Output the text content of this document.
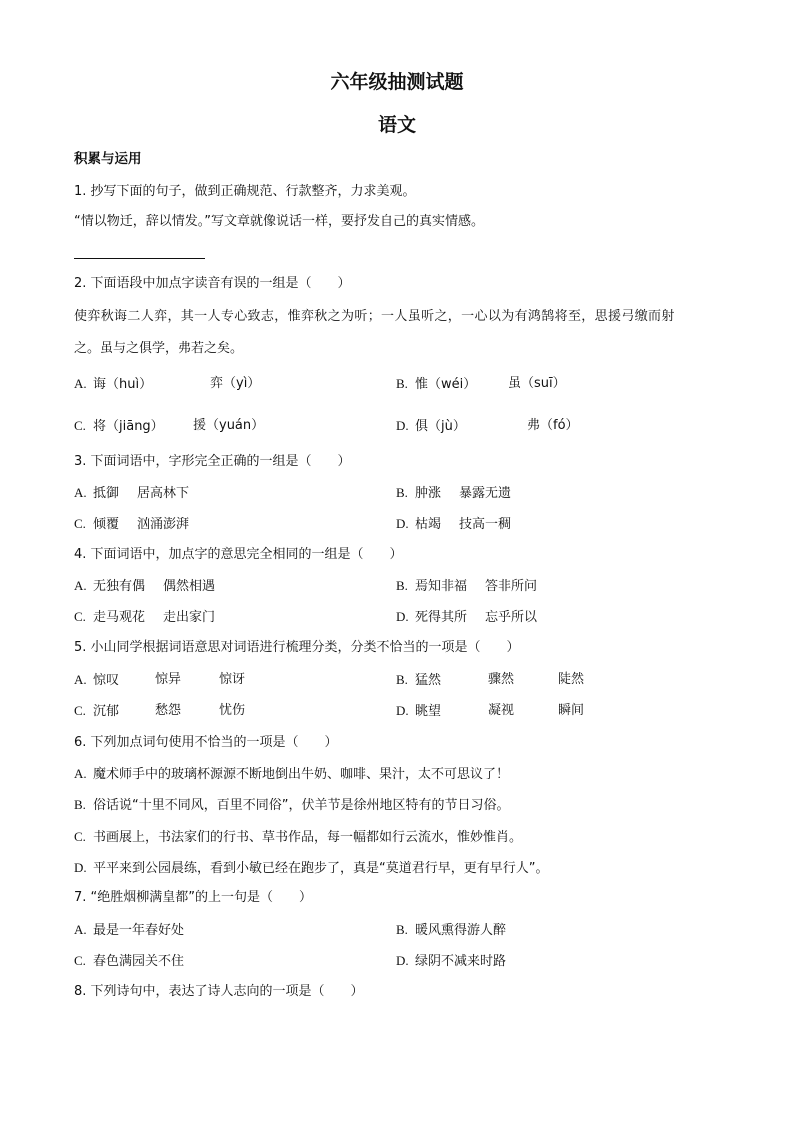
六年级抽测试题
语文
积累与运用
1. 抄写下面的句子，做到正确规范、行款整齐，力求美观。
“情以物迁，辞以情发。”写文章就像说话一样，要抒发自己的真实情感。
2. 下面语段中加点字读音有误的一组是（　　）
使弈秋诲二人弈，其一人专心致志，惟弈秋之为听；一人虽听之，一心以为有鸿鹄将至，思援弓缴而射
之。虽与之俱学，弗若之矣。
A. 诲（huì）	弈（yì）	B. 惟（wéi） 虽（suī）
C. 将（jiāng） 援（yuán）	D. 俱（jù）	弗（fó）
3. 下面词语中，字形完全正确的一组是（　　）
A. 抵御 居高林下	B. 肿涨 暴露无遗
C. 倾覆 汹涌澎湃	D. 枯竭 技高一稠
4. 下面词语中，加点字的意思完全相同的一组是（　　）
A. 无独有偶 偶然相遇	B. 焉知非福 答非所问
C. 走马观花 走出家门	D. 死得其所 忘乎所以
5. 小山同学根据词语意思对词语进行梳理分类，分类不恰当的一项是（　　）
A. 惊叹	惊异	惊讶	B. 猛然	骤然	陡然
C. 沉郁	愁怨	忧伤	D. 眺望	凝视	瞬间
6. 下列加点词句使用不恰当的一项是（　　）
A. 魔术师手中的玻璃杯源源不断地倒出牛奶、咖啡、果汁，太不可思议了！
B. 俗话说“十里不同风，百里不同俗”，伏羊节是徐州地区特有的节日习俗。
C. 书画展上，书法家们的行书、草书作品，每一幅都如行云流水，惟妙惟肖。
D. 平平来到公园晨练，看到小敏已经在跑步了，真是“莫道君行早，更有早行人”。
7. “绝胜烟柳满皇都”的上一句是（　　）
A. 最是一年春好处	B. 暖风熏得游人醉
C. 春色满园关不住	D. 绿阴不减来时路
8. 下列诗句中，表达了诗人志向的一项是（　　）
